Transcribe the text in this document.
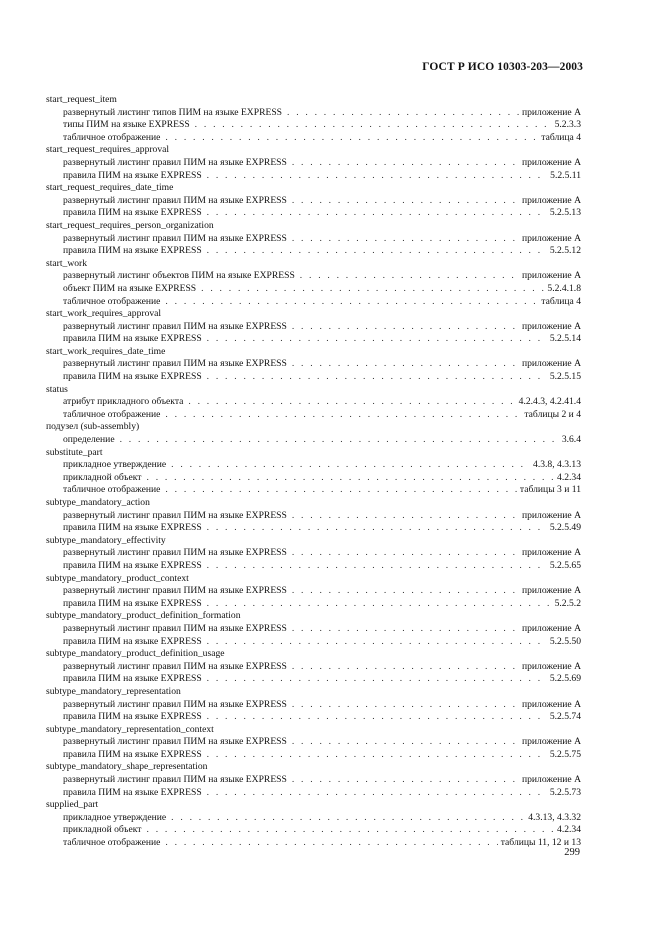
ГОСТ Р ИСО 10303-203—2003
start_request_item
развернутый листинг типов ПИМ на языке EXPRESS . . .	приложение А
типы ПИМ на языке EXPRESS . . .	5.2.3.3
табличное отображение . . .	таблица 4
start_request_requires_approval
развернутый листинг правил ПИМ на языке EXPRESS . . .	приложение А
правила ПИМ на языке EXPRESS . . .	5.2.5.11
start_request_requires_date_time
развернутый листинг правил ПИМ на языке EXPRESS . . .	приложение А
правила ПИМ на языке EXPRESS . . .	5.2.5.13
start_request_requires_person_organization
развернутый листинг правил ПИМ на языке EXPRESS . . .	приложение А
правила ПИМ на языке EXPRESS . . .	5.2.5.12
start_work
развернутый листинг объектов ПИМ на языке EXPRESS . . .	приложение А
объект ПИМ на языке EXPRESS . . .	5.2.4.1.8
табличное отображение . . .	таблица 4
start_work_requires_approval
развернутый листинг правил ПИМ на языке EXPRESS . . .	приложение А
правила ПИМ на языке EXPRESS . . .	5.2.5.14
start_work_requires_date_time
развернутый листинг правил ПИМ на языке EXPRESS . . .	приложение А
правила ПИМ на языке EXPRESS . . .	5.2.5.15
status
атрибут прикладного объекта . . .	4.2.4.3, 4.2.41.4
табличное отображение . . .	таблицы 2 и 4
подузел (sub-assembly)
определение . . .	3.6.4
substitute_part
прикладное утверждение . . .	4.3.8, 4.3.13
прикладной объект . . .	4.2.34
табличное отображение . . .	таблицы 3 и 11
subtype_mandatory_action
развернутый листинг правил ПИМ на языке EXPRESS . . .	приложение А
правила ПИМ на языке EXPRESS . . .	5.2.5.49
subtype_mandatory_effectivity
развернутый листинг правил ПИМ на языке EXPRESS . . .	приложение А
правила ПИМ на языке EXPRESS . . .	5.2.5.65
subtype_mandatory_product_context
развернутый листинг правил ПИМ на языке EXPRESS . . .	приложение А
правила ПИМ на языке EXPRESS . . .	5.2.5.2
subtype_mandatory_product_definition_formation
развернутый листинг правил ПИМ на языке EXPRESS . . .	приложение А
правила ПИМ на языке EXPRESS . . .	5.2.5.50
subtype_mandatory_product_definition_usage
развернутый листинг правил ПИМ на языке EXPRESS . . .	приложение А
правила ПИМ на языке EXPRESS . . .	5.2.5.69
subtype_mandatory_representation
развернутый листинг правил ПИМ на языке EXPRESS . . .	приложение А
правила ПИМ на языке EXPRESS . . .	5.2.5.74
subtype_mandatory_representation_context
развернутый листинг правил ПИМ на языке EXPRESS . . .	приложение А
правила ПИМ на языке EXPRESS . . .	5.2.5.75
subtype_mandatory_shape_representation
развернутый листинг правил ПИМ на языке EXPRESS . . .	приложение А
правила ПИМ на языке EXPRESS . . .	5.2.5.73
supplied_part
прикладное утверждение . . .	4.3.13, 4.3.32
прикладной объект . . .	4.2.34
табличное отображение . . .	таблицы 11, 12 и 13
299
